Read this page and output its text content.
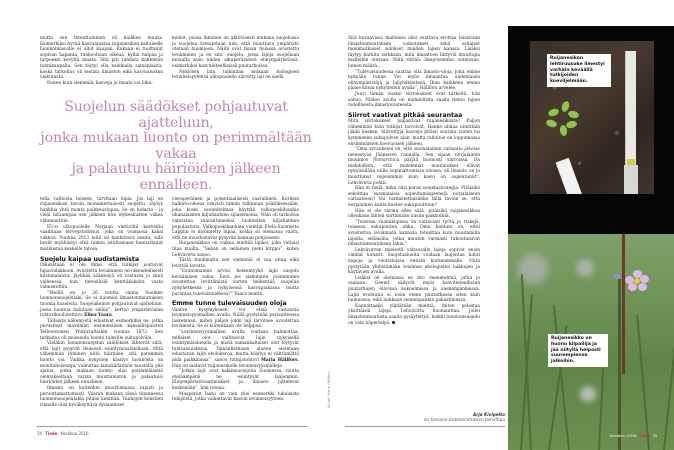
mutta sen toteuttaminen oli kaikkea muuta. Esimerkiksi hyvää kasvualustaa ruijanesikon kaltaiselle luonnonkasville ei ollut kaupan. Kukaan ei tuottanut sopivan hapanta, raekooltaan oikeaa, kyllin halpaa ja tarpeeksi kevyttä maata. Sitä piti rahdata kohteisiin tonnikaupalla. Sen täytyi olla kaikkialla samanlaista, koska tarkoitus oli testata ilmaston eikä kasvualustan vaikutusta.

Ennen kuin siemeniä, kasveja ja maata voi liiku-

keinot, joissa ihminen on aktiivisesti mukana suojelussa ja suojelua toteutetaan niin, että muuttuva ympäristö otetaan huomioon. Näitä ovat muun muassa avustettu leviäminen ja ex situ -suojelu, jossa lajeja suojellaan muualla kuin niiden alkuperäisessä elinympäristössä, esimerkiksi kasvitieteellisissä puutarhoissa.

Nykyisen lain tulkinnan mukaan biologisen levinneisyytensä ulkopuolelle siirretty laji on siellä

Suojelun säädökset pohjautuvat ajatteluun,
jonka mukaan luonto on perimmältään vakaa
ja palautuu häiriöiden jälkeen ennalleen.

tella valtiosta toiseen, tarvitaan lupia. Jos laji on ruijanesikon tavoin moninkertaisesti suojeltu, täytyy hankkia yhtä monta poikkeuslupaa. Se on hidasta – ja vielä hitaampaa sen jälkeen kun elykeskusten väkeä vähennettiin.

EU:n ulkopuolelle Norjaan vietäviltä kasveilta vaaditaan terveystodistus, joka on voimassa kaksi viikkoa. Vuonna 2013 niitä oli hankittava useita, sillä kevät myöhästyi eikä taimia istuttamaan kannattanut matkustaa keskelle talvea.

Suojelu kaipaa uudistamista

Oikeastaan ei ole ihme, että tutkijat joutuivat lupaviidakkoon. Avustettu leviäminen on oikeudellisesti kiistanalaista. Jäykkää sääntelyä oli vastassa jo siinä vaiheessa, kun tieteellisiä kenttäkokeita vasta valmisteltiin.

”Meillä on jo 26 vuotta vanha Suomen luonnonsuojelulaki. Se ei huomioi ilmastonmuutoksen tuomia haasteita. Suojelukeinot pohjautuvat ajatteluun, jossa luontoa halutaan säilöä”, kertoo ympäristöalan tohtorikoulutettava Elina Vaara.

Tällaista näkemystä edustivat esimerkiksi ne, jotka perustivat maailman ensimmäisen kansallispuiston Yellowstonen Yhdysvaltoihin vuonna 1872. Sen tarkoitus oli museoida luonto tuleville sukupolville.

Vieläkin luonnonsuojelun säädökset lähtevät siitä, että lajit pysyvät ikuisesti esiintymisalueillaan. Mitä vähemmän ihminen niitä häiritsee, sitä paremmin luonto voi. Vaikka nykyinen käsitys luonnosta on monitahoisempi, vaikuttaa lainsäädännön taustalla yhä ajatus, jonka mukaan luonto olisi perimmäiseltä olemukseltaan varsin muuttumaton ja palautuisi häiriöiden jälkeen ennalleen.

Ilmasto on kuitenkin muuttumassa rajusti ja peruuttamattomasti. Vaaran mukaan tässä tilanteessa luonnonsuojelulakia pitäisi kehittää. Vanhojen konstien rinnalle olisi hyväksyttävä dynaamiset

vieraperäinen ja potentiaalisesti vaarallinen. Korkein hallinto-oikeus vahvisti tämän tulkinnan päätöksessään, joka koski suunnitelmaa käyttää valkoposkihanhia uhanalaisten kiljuhanhien sijaisemoina. Näin oli tarkoitus vahvistaa vaarantuneeksi luokitellun kiljuhanhen populaatiota. Valkoposkihanhien vientiin Etelä-Suomesta Lappiin ei myönnetty lupaa, koska oli olemassa vaara, että ne muodostavat pysyvän kannan pohjoiseen.

Ruijanesikkoa on vaikea mieltää lajiksi, joka valtaisi tilaa muilta. ”Sehän on sellainen pieni kirppu”, kuten Lehvävirta sanoo.

Tästä huolimatta sen siemeniä ei saa ottaa eikä levittää lavatta.

”Viranomainen arvioi, heikentyykö lajin suojelu keräämisen takia. Entä jos siementen poimiminen avustettua levittämistä varten heikentää suojelua nykyhetkessä ja nykyisessä kasvupaikassa mutta parantaa tulevaisuudessa?” Vaara miettii.

Emme tunne tulevaisuuden oloja

Vaaran kysymykseen voi etsiä vastausta levinneisyysmallien avulla. Niillä pystytään periaatteessa laskemaan, miten paljon jokin laji tarvitsee avustettua leviämistä. Se ei kuitenkaan ole helppoa.

”Levinneisyysmallien avulla voidaan hahmottaa, millaiset olot vallitsevat lajin nykyisellä esiintymisalueella ja mistä samankaltaiset olot löytyvät tulevaisuudessa. Tämänhetkisen alueen oletetaan edustavan lajin ekolokeroa, mutta käsitys ei välttämättä pidä paikkaansa”, sanoo tutkijatohtori Maria Hällfors. Hän on laatinut ruijanesikolle levinneisyysmalleja.

”Jotkin lajit ovat kalkinsuosijoita Suomessa, mutta eteläämpänä ne esiintyvät laajemmin. Elinympäristövaatimukset ja ilmasto juttelevat keskenään”, hän toteaa.

Maaperän laatu on vain yksi esimerkki lukuisista tekijöistä, jotka vaikuttavat kasvin levinneisyyteen.

Sitä kuvaavissa malleissa olisi osattava erottaa toisistaan ilmastonmuutoksen vaikutukset sekä erilaiset monimutkaiset sidokset muiden lajien kanssa. Lisäksi täytyy harkita tarkkaan, mitä ilmastoon liittyviä muuttujia malleihin otetaan. Niitä riittää: lämpösumma, sateisuus, lumen määrä…

”Tulevaisuudessa saattaa olla ilmasto-oloja, joita emme nykyään tunne. Voi myös ilmaantua uudenlaisia elinympäristöjä ja lajiyhdistelmiä. Ihan kaikkeen emme pääse kiinni nykytiedon avulla”, Hällfors arvelee.

Juuri tämän vuoksi siirtokokeet ovat tärkeitä, hän sanoo. Niiden avulla on mahdollista saada tietoa lajien todellisesta ilmastovasteesta.

Siirrot vaativat pitkää seurantaa

Mitä siirtokokeet paljastivat ruijanesikosta? Paljon vähemmän kuin tutkijat toivoivat. Hanke uhkaa nimittäin jäädä kesken. Siirrettyjä kasveja pitäisi seurata viiden tai kymmenen sukupolven ajan, mutta rahoitus on loppumassa ensimmäisten koevuosien jälkeen.

”Oma arvaukseni on, että suomalainen variaatio jokelae menestyisi Jäämeren rannalla. Sen sijaan norjalainen muunnos finmarchica pärjää huonosti siirroissa. On mahdollista, että molemmat muunnokset elävät nykyisellään niille sopimattomissa oloissa, eli ilmasto on jo muuttunut nopeammin kuin kasvi on sopeutunut”, Lehvävirta pohtii.

Hän ei tiedä, mikä olisi paras suojelustrategia. Pitäisikö sekoittaa suomalaisia sopeutumisgeenejä norjalaiseen variaatioon? Vai varmistettaisiinko tällä tavoin se, että norjalainen kanta kuolee sukupuuttoon?

Hän ei ole varma edes siitä, pitäisikö ruijanesikkoa ollenkaan lähteä siirtämään uusiin paikkoihin.

”Toisessa vaakakupissa on valtavasti työtä ja riskejä, toisessa sukupuuton uhka. Oma kantani on, ettei avustettua leviämistä kannata toteuttaa kuin muutamilla lajeilla, sellaisilla, jotka muuten varmasti tuhoutuisivat ilmastonmuutoksen takia.”

Lehvävirran mielestä valtaosalle lajeja sopivat ensin vanhat konstit. Suojelualueita voidaan laajentaa kohti napoja ja vuoristoissa entistä korkeammalle. Niitä pystytään yhdistämään toisiinsa ekologisten laikkujen ja käytävien avulla.

Lisäksi on olemassa ex situ -menetelmiä, jotka jo osataan. Geenit säilyvät myös kasvitieteellisten puutarhojen elävissä kokoelmissa ja siemenpankeissa. Lajin evoluutio ei tosin etene puutarhassa siten kuin luonnossa, eikä lainkaan siemenpankin pakastimessa.

Kannattaako yliplätään miettiä, miten pelastaa yksittäisiä lajeja, Lehvävirta huomauttaa. Jollei ilmastonmuutosta saada pysäytettyä, kaikki luonnonsuojelu on vain näpertelyä.

Kuvat: Maria Hällfors
Arja Kivipelto
on Sanoma-lisdetoimituksen toimittaja
34 Tiede Kesäkuu 2016
Ruijanesikon lehtiruusuke ilmestyi varhain keväällä tutkijoiden koeviljelmään.
Ruijanesikko on huono kilpailija ja jää niityllä helposti suurempiensa jalkoihin.
Kesäkuu 2016 Tiede 35
